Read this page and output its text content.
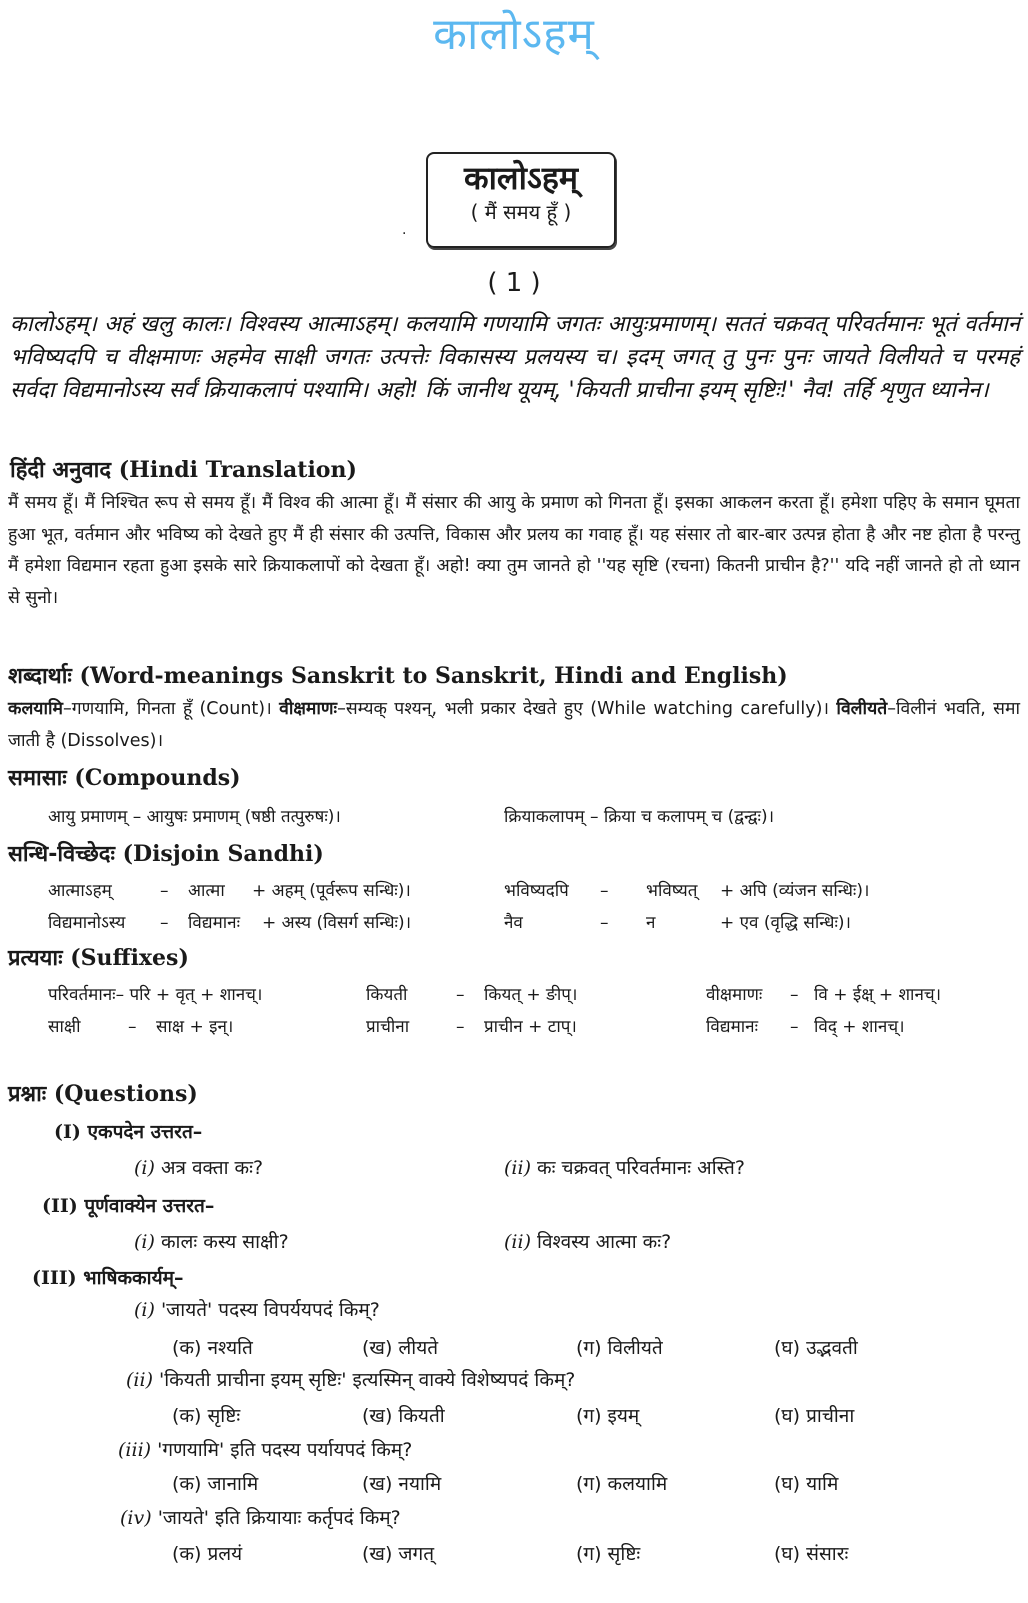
कालोऽहम्
.
कालोऽहम्
( मैं समय हूँ )
( 1 )
कालोऽहम्। अहं खलु कालः। विश्वस्य आत्माऽहम्। कलयामि गणयामि जगतः आयुःप्रमाणम्। सततं चक्रवत् परिवर्तमानः भूतं वर्तमानं भविष्यदपि च वीक्षमाणः अहमेव साक्षी जगतः उत्पत्तेः विकासस्य प्रलयस्य च। इदम् जगत् तु पुनः पुनः जायते विलीयते च परमहं सर्वदा विद्यमानोऽस्य सर्वं क्रियाकलापं पश्यामि। अहो! किं जानीथ यूयम्, 'कियती प्राचीना इयम् सृष्टिः!' नैव! तर्हि शृणुत ध्यानेन।
हिंदी अनुवाद (Hindi Translation)
मैं समय हूँ। मैं निश्चित रूप से समय हूँ। मैं विश्व की आत्मा हूँ। मैं संसार की आयु के प्रमाण को गिनता हूँ। इसका आकलन करता हूँ। हमेशा पहिए के समान घूमता हुआ भूत, वर्तमान और भविष्य को देखते हुए मैं ही संसार की उत्पत्ति, विकास और प्रलय का गवाह हूँ। यह संसार तो बार-बार उत्पन्न होता है और नष्ट होता है परन्तु मैं हमेशा विद्यमान रहता हुआ इसके सारे क्रियाकलापों को देखता हूँ। अहो! क्या तुम जानते हो ''यह सृष्टि (रचना) कितनी प्राचीन है?'' यदि नहीं जानते हो तो ध्यान से सुनो।
शब्दार्थाः (Word-meanings Sanskrit to Sanskrit, Hindi and English)
कलयामि–गणयामि, गिनता हूँ (Count)। वीक्षमाणः–सम्यक् पश्यन्, भली प्रकार देखते हुए (While watching carefully)। विलीयते–विलीनं भवति, समा जाती है (Dissolves)।
समासाः (Compounds)
आयु प्रमाणम् – आयुषः प्रमाणम् (षष्ठी तत्पुरुषः)।	क्रियाकलापम् – क्रिया च कलापम् च (द्वन्द्वः)।
सन्धि-विच्छेदः (Disjoin Sandhi)
आत्माऽहम्	– आत्मा + अहम् (पूर्वरूप सन्धिः)।	भविष्यदपि – भविष्यत् + अपि (व्यंजन सन्धिः)।
विद्यमानोऽस्य – विद्यमानः + अस्य (विसर्ग सन्धिः)।	नैव	– न	+ एव (वृद्धि सन्धिः)।
प्रत्ययाः (Suffixes)
परिवर्तमानः– परि + वृत् + शानच्।	कियती	– कियत् + ङीप्।	वीक्षमाणः – वि + ईक्ष् + शानच्।
साक्षी	– साक्ष + इन्।	प्राचीना	– प्राचीन + टाप्।	विद्यमानः – विद् + शानच्।
प्रश्नाः (Questions)
(I) एकपदेन उत्तरत–
(i) अत्र वक्ता कः?	(ii) कः चक्रवत् परिवर्तमानः अस्ति?
(II) पूर्णवाक्येन उत्तरत–
(i) कालः कस्य साक्षी?	(ii) विश्वस्य आत्मा कः?
(III) भाषिककार्यम्–
(i) 'जायते' पदस्य विपर्ययपदं किम्?
(क) नश्यति	(ख) लीयते	(ग) विलीयते	(घ) उद्भवती
(ii) 'कियती प्राचीना इयम् सृष्टिः' इत्यस्मिन् वाक्ये विशेष्यपदं किम्?
(क) सृष्टिः	(ख) कियती	(ग) इयम्	(घ) प्राचीना
(iii) 'गणयामि' इति पदस्य पर्यायपदं किम्?
(क) जानामि	(ख) नयामि	(ग) कलयामि	(घ) यामि
(iv) 'जायते' इति क्रियायाः कर्तृपदं किम्?
(क) प्रलयं	(ख) जगत्	(ग) सृष्टिः	(घ) संसारः
